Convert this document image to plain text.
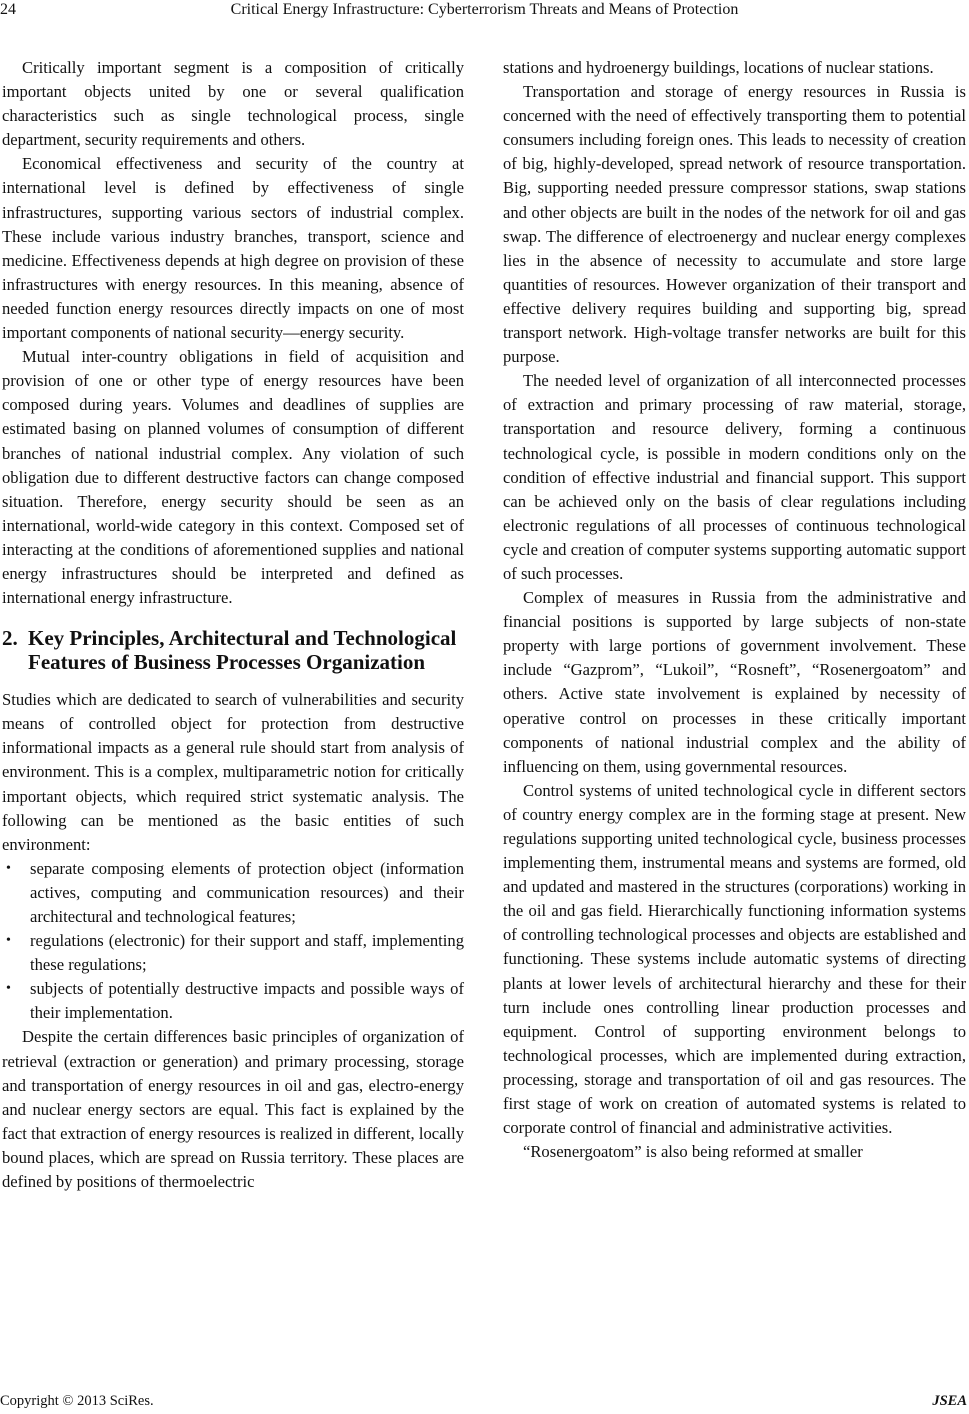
24	Critical Energy Infrastructure: Cyberterrorism Threats and Means of Protection

Critically important segment is a composition of critically important objects united by one or several qualification characteristics such as single technological process, single department, security requirements and others.

Economical effectiveness and security of the country at international level is defined by effectiveness of single infrastructures, supporting various sectors of industrial complex. These include various industry branches, transport, science and medicine. Effectiveness depends at high degree on provision of these infrastructures with energy resources. In this meaning, absence of needed function energy resources directly impacts on one of most important components of national security—energy security.

Mutual inter-country obligations in field of acquisition and provision of one or other type of energy resources have been composed during years. Volumes and deadlines of supplies are estimated basing on planned volumes of consumption of different branches of national industrial complex. Any violation of such obligation due to different destructive factors can change composed situation. Therefore, energy security should be seen as an international, world-wide category in this context. Composed set of interacting at the conditions of aforementioned supplies and national energy infrastructures should be interpreted and defined as international energy infrastructure.

2. Key Principles, Architectural and Technological Features of Business Processes Organization

Studies which are dedicated to search of vulnerabilities and security means of controlled object for protection from destructive informational impacts as a general rule should start from analysis of environment. This is a complex, multiparametric notion for critically important objects, which required strict systematic analysis. The following can be mentioned as the basic entities of such environment:

• separate composing elements of protection object (information actives, computing and communication resources) and their architectural and technological features;
• regulations (electronic) for their support and staff, implementing these regulations;
• subjects of potentially destructive impacts and possible ways of their implementation.

Despite the certain differences basic principles of organization of retrieval (extraction or generation) and primary processing, storage and transportation of energy resources in oil and gas, electro-energy and nuclear energy sectors are equal. This fact is explained by the fact that extraction of energy resources is realized in different, locally bound places, which are spread on Russia territory. These places are defined by positions of thermoelectric

stations and hydroenergy buildings, locations of nuclear stations.

Transportation and storage of energy resources in Russia is concerned with the need of effectively transporting them to potential consumers including foreign ones. This leads to necessity of creation of big, highly-developed, spread network of resource transportation. Big, supporting needed pressure compressor stations, swap stations and other objects are built in the nodes of the network for oil and gas swap. The difference of electroenergy and nuclear energy complexes lies in the absence of necessity to accumulate and store large quantities of resources. However organization of their transport and effective delivery requires building and supporting big, spread transport network. High-voltage transfer networks are built for this purpose.

The needed level of organization of all interconnected processes of extraction and primary processing of raw material, storage, transportation and resource delivery, forming a continuous technological cycle, is possible in modern conditions only on the condition of effective industrial and financial support. This support can be achieved only on the basis of clear regulations including electronic regulations of all processes of continuous technological cycle and creation of computer systems supporting automatic support of such processes.

Complex of measures in Russia from the administrative and financial positions is supported by large subjects of non-state property with large portions of government involvement. These include “Gazprom”, “Lukoil”, “Rosneft”, “Rosenergoatom” and others. Active state involvement is explained by necessity of operative control on processes in these critically important components of national industrial complex and the ability of influencing on them, using governmental resources.

Control systems of united technological cycle in different sectors of country energy complex are in the forming stage at present. New regulations supporting united technological cycle, business processes implementing them, instrumental means and systems are formed, old and updated and mastered in the structures (corporations) working in the oil and gas field. Hierarchically functioning information systems of controlling technological processes and objects are established and functioning. These systems include automatic systems of directing plants at lower levels of architectural hierarchy and these for their turn include ones controlling linear production processes and equipment. Control of supporting environment belongs to technological processes, which are implemented during extraction, processing, storage and transportation of oil and gas resources. The first stage of work on creation of automated systems is related to corporate control of financial and administrative activities.

“Rosenergoatom” is also being reformed at smaller

Copyright © 2013 SciRes.	JSEA
